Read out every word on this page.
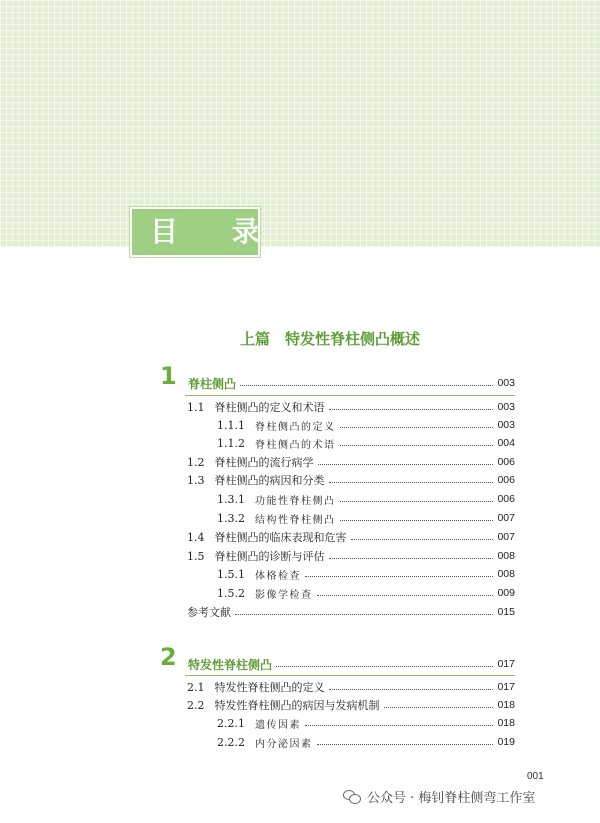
目 录
上篇　特发性脊柱侧凸概述
1 脊柱侧凸	003
1.1 脊柱侧凸的定义和术语	003
1.1.1 脊柱侧凸的定义	003
1.1.2 脊柱侧凸的术语	004
1.2 脊柱侧凸的流行病学	006
1.3 脊柱侧凸的病因和分类	006
1.3.1 功能性脊柱侧凸	006
1.3.2 结构性脊柱侧凸	007
1.4 脊柱侧凸的临床表现和危害	007
1.5 脊柱侧凸的诊断与评估	008
1.5.1 体格检查	008
1.5.2 影像学检查	009
参考文献	015
2 特发性脊柱侧凸	017
2.1 特发性脊柱侧凸的定义	017
2.2 特发性脊柱侧凸的病因与发病机制	018
2.2.1 遗传因素	018
2.2.2 内分泌因素	019
001
公众号 · 梅钊脊柱侧弯工作室
